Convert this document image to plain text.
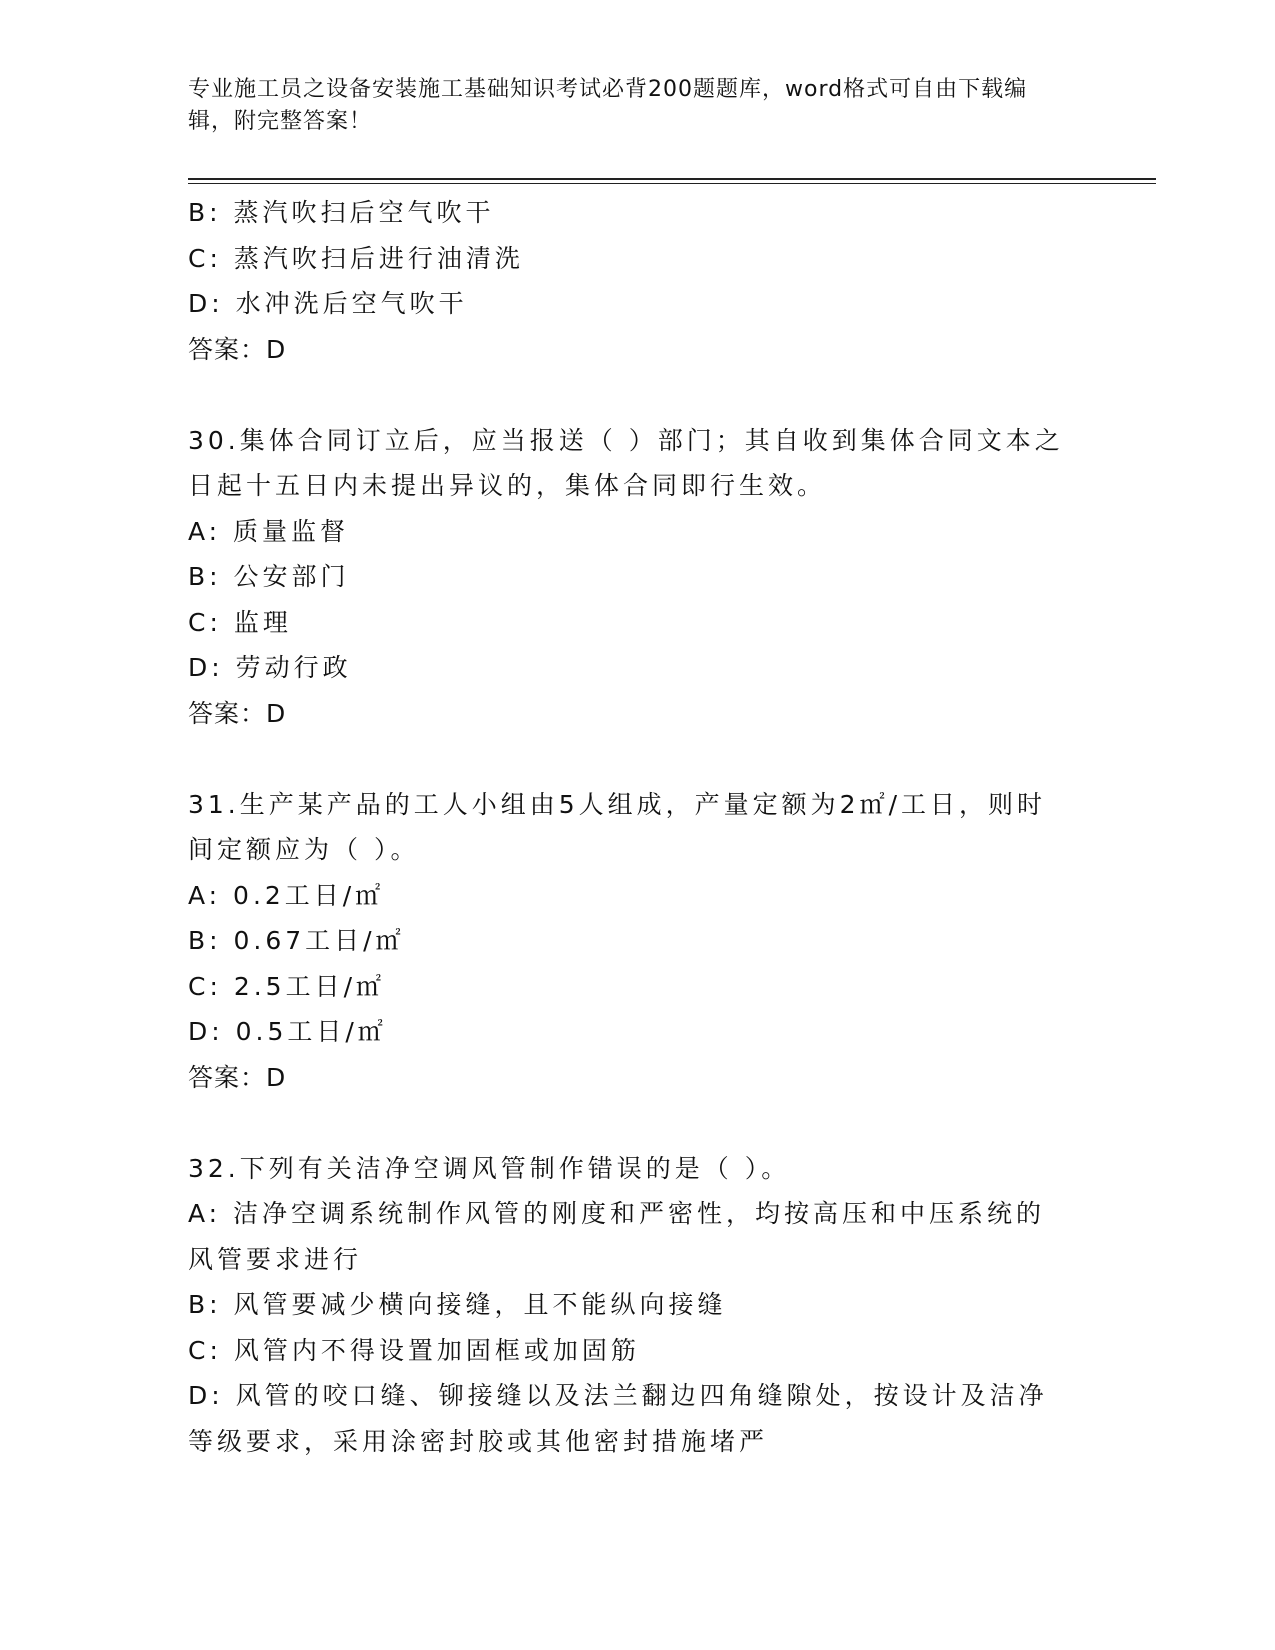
专业施工员之设备安装施工基础知识考试必背200题题库，word格式可自由下载编辑，附完整答案！
B: 蒸汽吹扫后空气吹干
C: 蒸汽吹扫后进行油清洗
D: 水冲洗后空气吹干
答案：D
30.集体合同订立后，应当报送（ ）部门；其自收到集体合同文本之日起十五日内未提出异议的，集体合同即行生效。
A: 质量监督
B: 公安部门
C: 监理
D: 劳动行政
答案：D
31.生产某产品的工人小组由5人组成，产量定额为2㎡/工日，则时间定额应为（ ）。
A: 0.2工日/㎡
B: 0.67工日/㎡
C: 2.5工日/㎡
D: 0.5工日/㎡
答案：D
32.下列有关洁净空调风管制作错误的是（ ）。
A: 洁净空调系统制作风管的刚度和严密性，均按高压和中压系统的风管要求进行
B: 风管要减少横向接缝，且不能纵向接缝
C: 风管内不得设置加固框或加固筋
D: 风管的咬口缝、铆接缝以及法兰翻边四角缝隙处，按设计及洁净等级要求，采用涂密封胶或其他密封措施堵严
